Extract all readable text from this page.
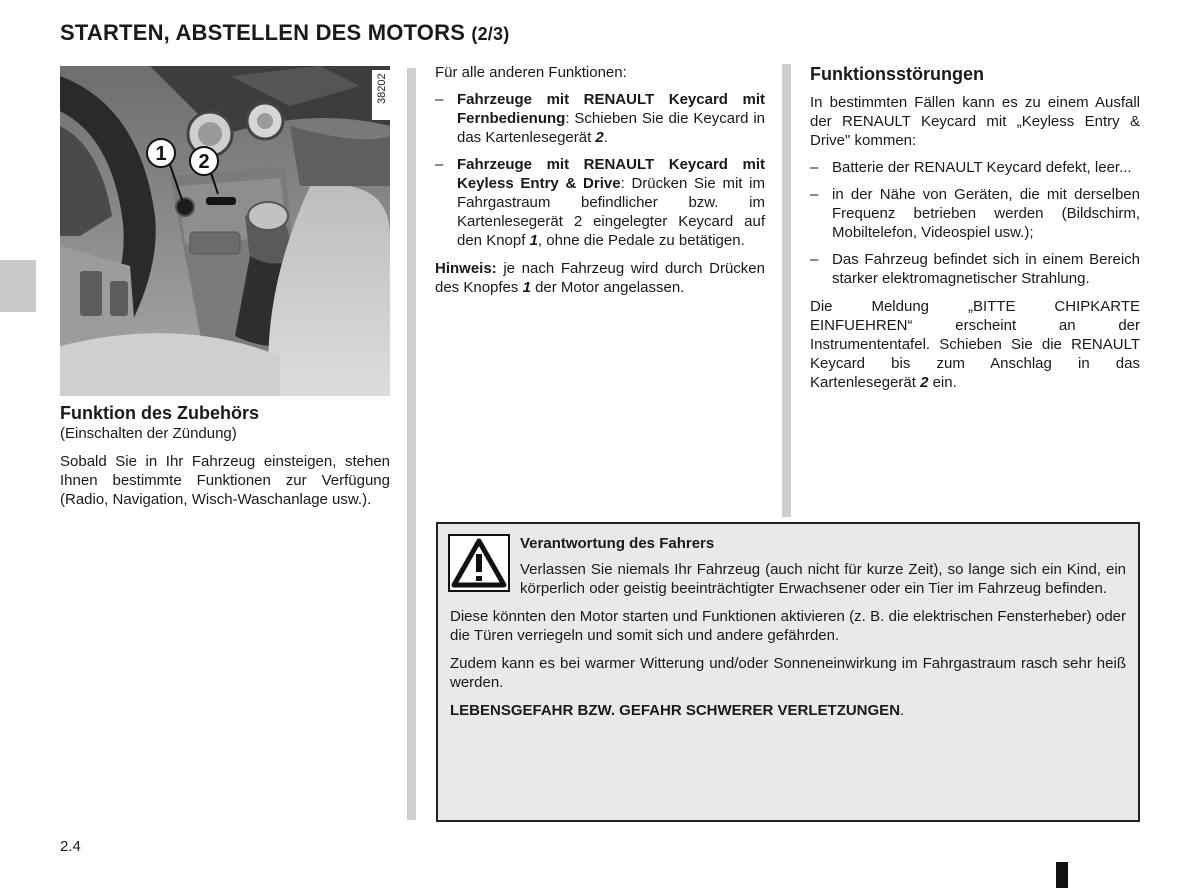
STARTEN, ABSTELLEN DES MOTORS (2/3)
1 2
38202
Funktion des Zubehörs
(Einschalten der Zündung)
Sobald Sie in Ihr Fahrzeug einsteigen, stehen Ihnen bestimmte Funktionen zur Verfügung (Radio, Navigation, Wisch-Waschanlage usw.).
Für alle anderen Funktionen:
– Fahrzeuge mit RENAULT Keycard mit Fernbedienung: Schieben Sie die Keycard in das Kartenlesegerät 2.
– Fahrzeuge mit RENAULT Keycard mit Keyless Entry & Drive: Drücken Sie mit im Fahrgastraum befindlicher bzw. im Kartenlesegerät 2 eingelegter Keycard auf den Knopf 1, ohne die Pedale zu betätigen.
Hinweis: je nach Fahrzeug wird durch Drücken des Knopfes 1 der Motor angelassen.
Funktionsstörungen
In bestimmten Fällen kann es zu einem Ausfall der RENAULT Keycard mit „Keyless Entry & Drive" kommen:
– Batterie der RENAULT Keycard defekt, leer...
– in der Nähe von Geräten, die mit derselben Frequenz betrieben werden (Bildschirm, Mobiltelefon, Videospiel usw.);
– Das Fahrzeug befindet sich in einem Bereich starker elektromagnetischer Strahlung.
Die Meldung „BITTE CHIPKARTE EINFUEHREN“ erscheint an der Instrumententafel. Schieben Sie die RENAULT Keycard bis zum Anschlag in das Kartenlesegerät 2 ein.
Verantwortung des Fahrers
Verlassen Sie niemals Ihr Fahrzeug (auch nicht für kurze Zeit), so lange sich ein Kind, ein körperlich oder geistig beeinträchtigter Erwachsener oder ein Tier im Fahrzeug befinden.
Diese könnten den Motor starten und Funktionen aktivieren (z. B. die elektrischen Fensterheber) oder die Türen verriegeln und somit sich und andere gefährden.
Zudem kann es bei warmer Witterung und/oder Sonneneinwirkung im Fahrgastraum rasch sehr heiß werden.
LEBENSGEFAHR BZW. GEFAHR SCHWERER VERLETZUNGEN.
2.4
